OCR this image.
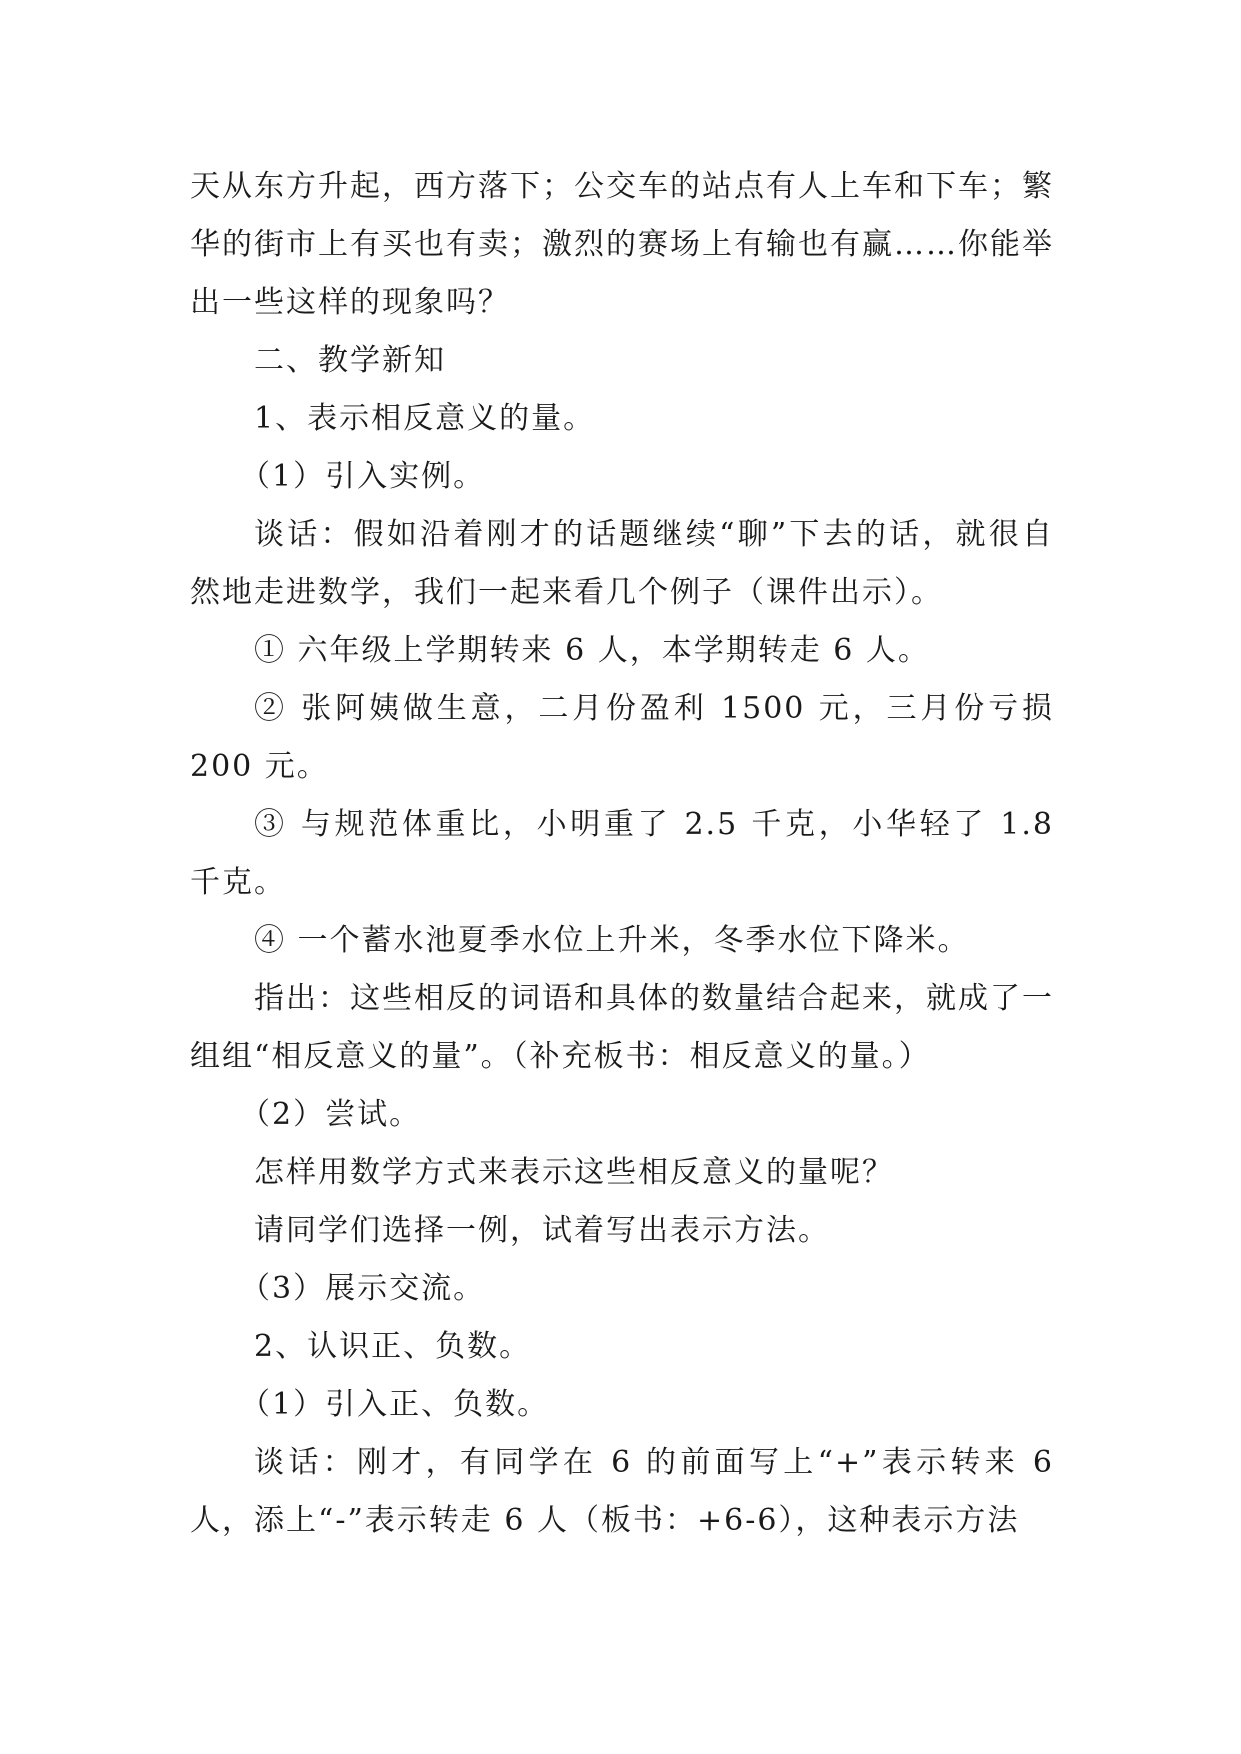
天从东方升起，西方落下；公交车的站点有人上车和下车；繁华的街市上有买也有卖；激烈的赛场上有输也有赢……你能举出一些这样的现象吗？

二、教学新知

1、表示相反意义的量。

（1）引入实例。

谈话：假如沿着刚才的话题继续“聊”下去的话，就很自然地走进数学，我们一起来看几个例子（课件出示）。

① 六年级上学期转来 6 人，本学期转走 6 人。

② 张阿姨做生意，二月份盈利 1500 元，三月份亏损 200 元。

③ 与规范体重比，小明重了 2.5 千克，小华轻了 1.8 千克。

④ 一个蓄水池夏季水位上升米，冬季水位下降米。

指出：这些相反的词语和具体的数量结合起来，就成了一组组“相反意义的量”。（补充板书：相反意义的量。）

（2）尝试。

怎样用数学方式来表示这些相反意义的量呢？

请同学们选择一例，试着写出表示方法。

（3）展示交流。

2、认识正、负数。

（1）引入正、负数。

谈话：刚才，有同学在 6 的前面写上“+”表示转来 6 人，添上“-”表示转走 6 人（板书：+6-6），这种表示方法
